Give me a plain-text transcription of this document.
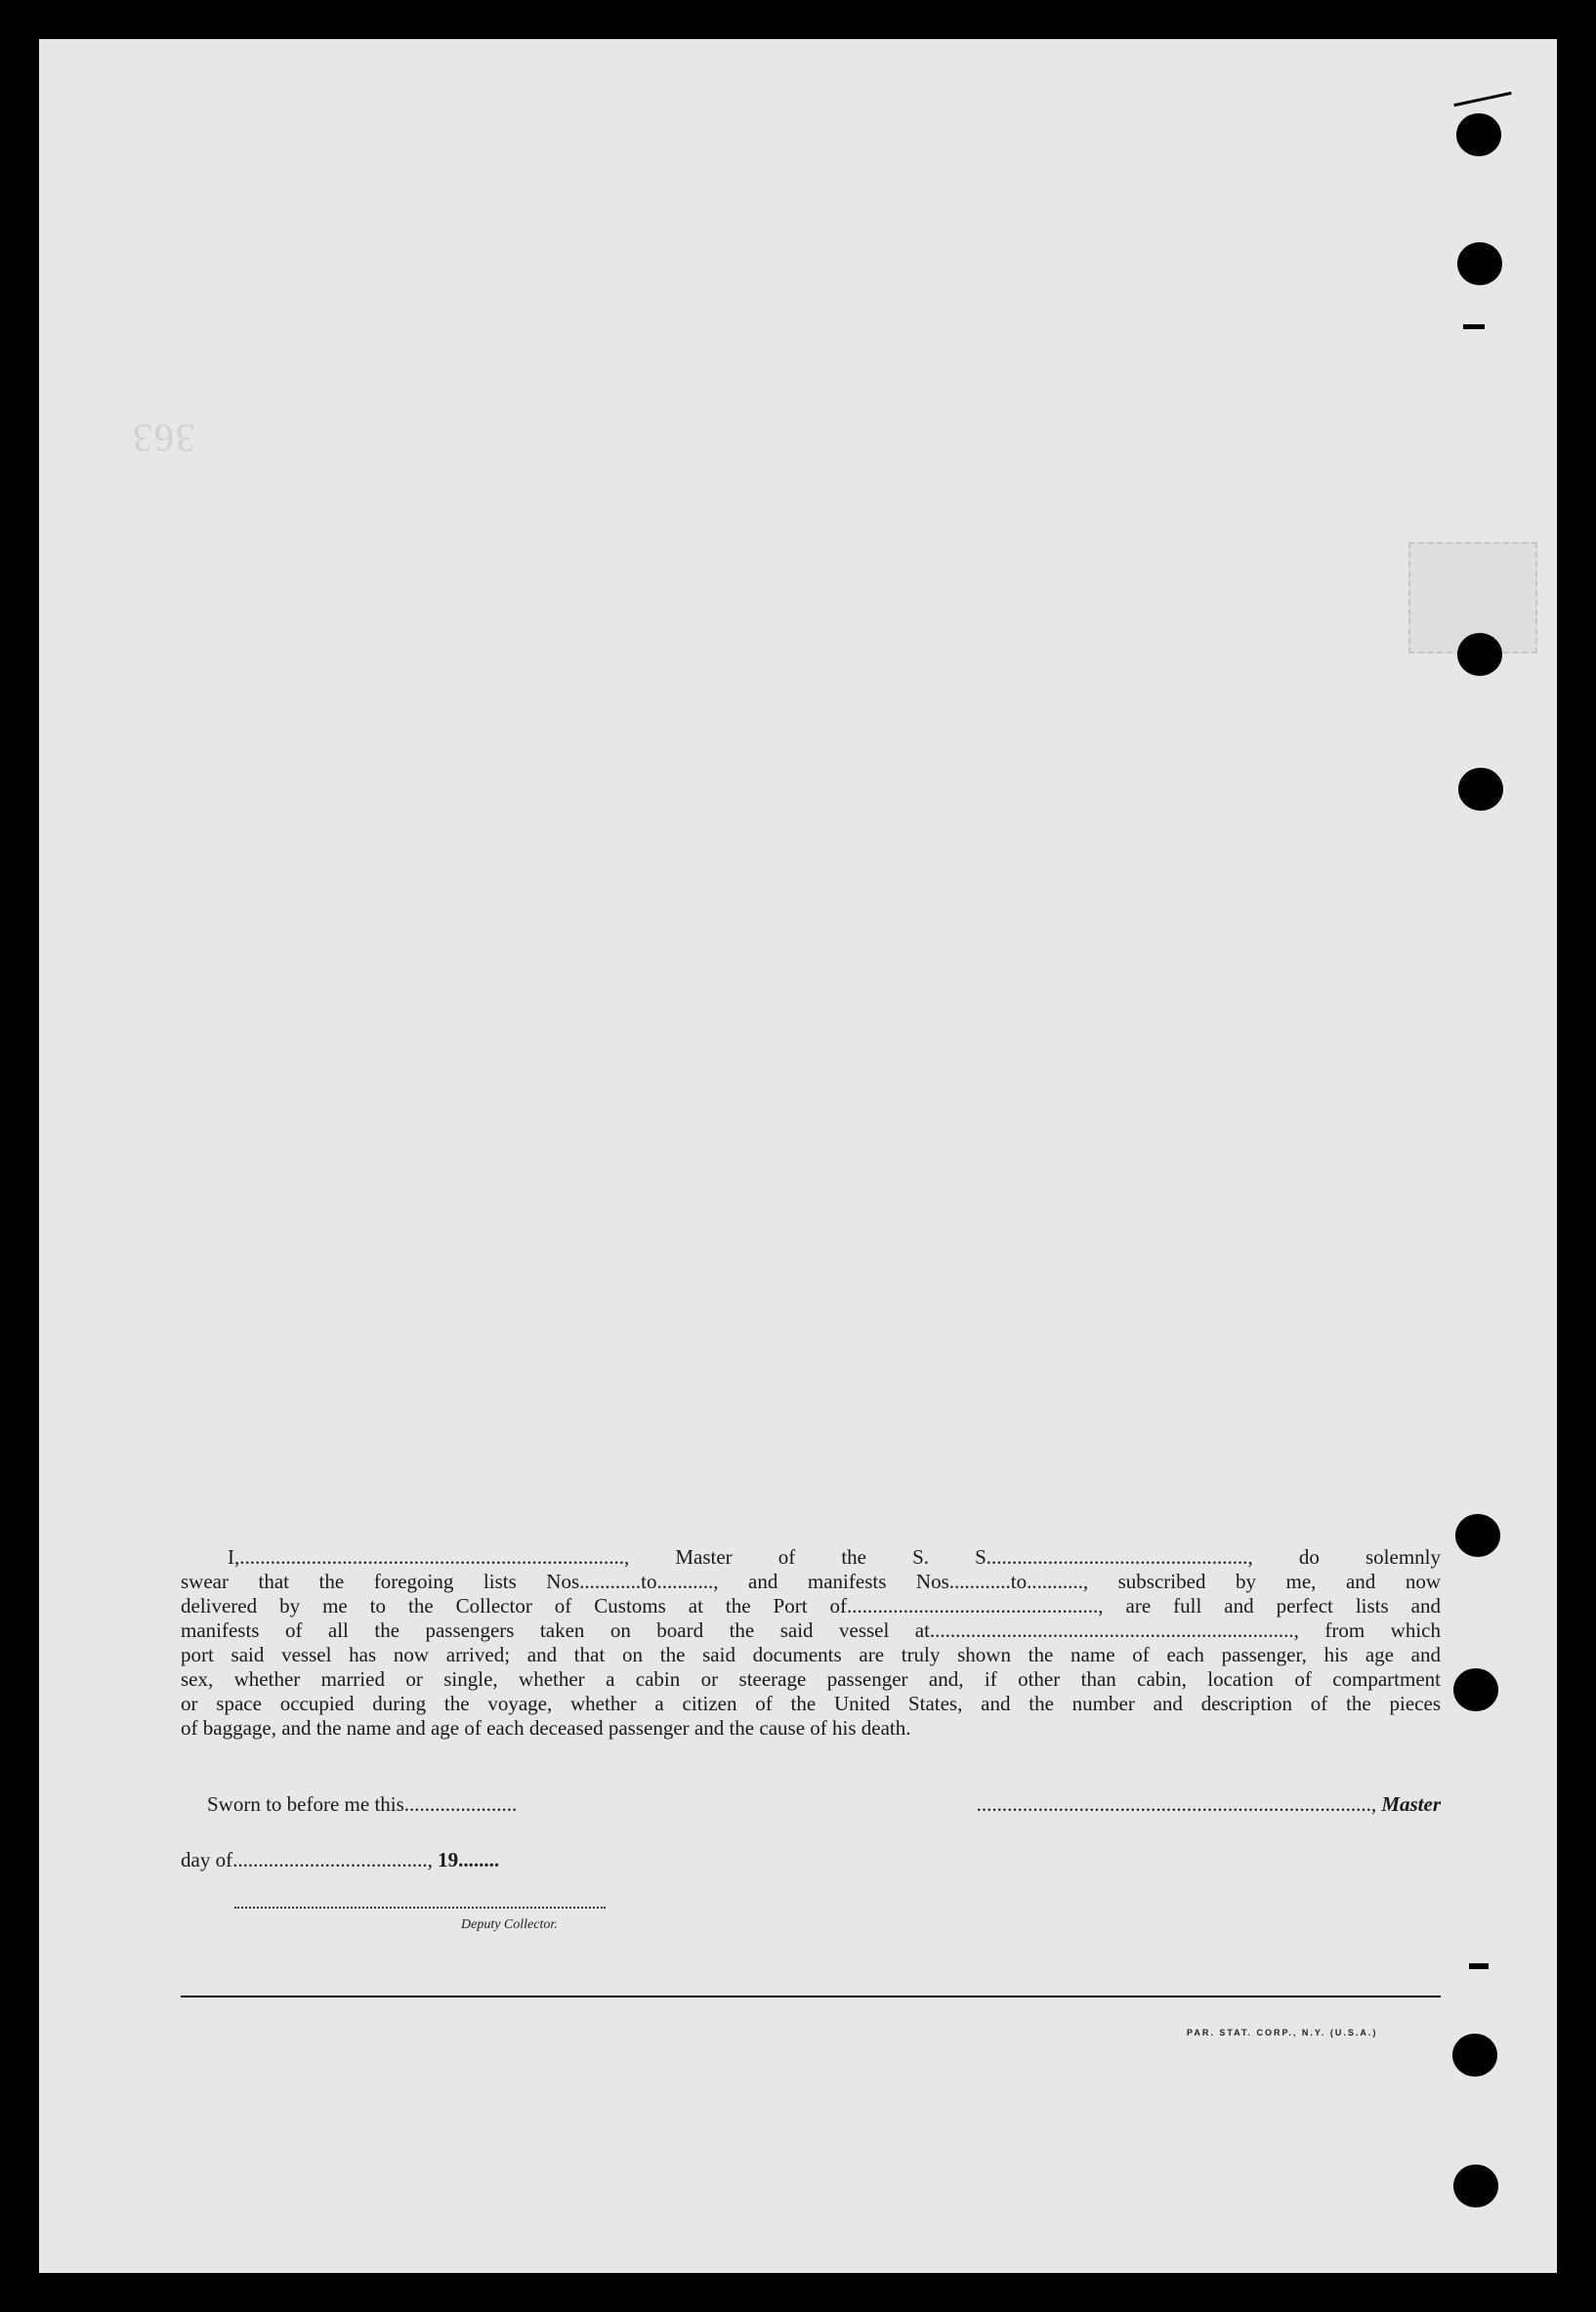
363

I,..........................................................................., Master of the S. S..................................................., do solemnly

swear that the foregoing lists Nos............to..........., and manifests Nos............to..........., subscribed by me, and now

delivered by me to the Collector of Customs at the Port of................................................., are full and perfect lists and

manifests of all the passengers taken on board the said vessel at......................................................................., from which

port said vessel has now arrived; and that on the said documents are truly shown the name of each passenger, his age and

sex, whether married or single, whether a cabin or steerage passenger and, if other than cabin, location of compartment

or space occupied during the voyage, whether a citizen of the United States, and the number and description of the pieces

of baggage, and the name and age of each deceased passenger and the cause of his death.

Sworn to before me this......................	............................................................................., Master
day of......................................, 19........
Deputy Collector.
PAR. STAT. CORP., N.Y. (U.S.A.)
